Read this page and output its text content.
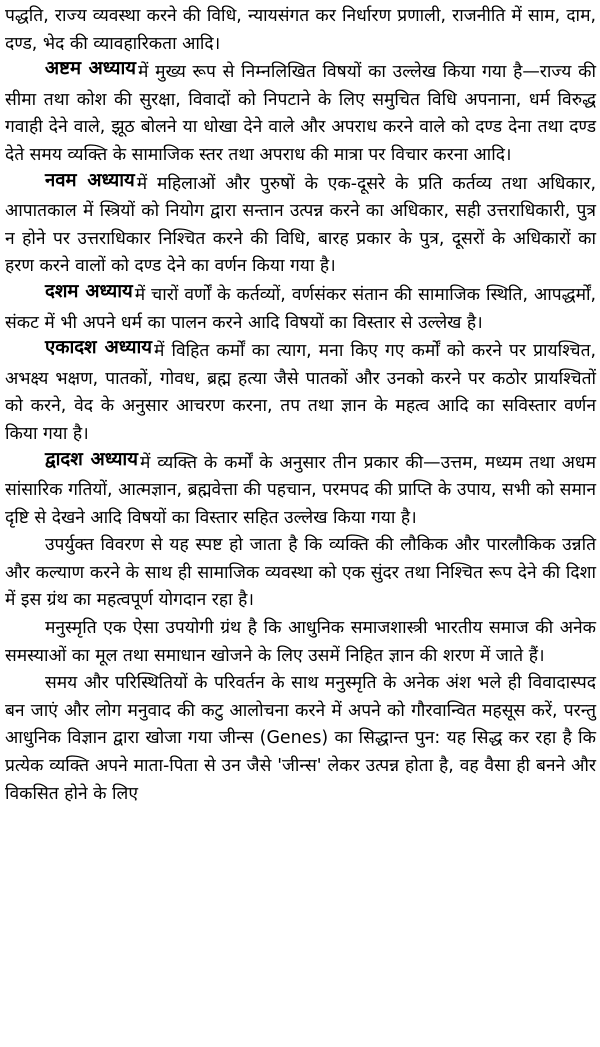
पद्धति, राज्य व्यवस्था करने की विधि, न्यायसंगत कर निर्धारण प्रणाली, राजनीति में साम, दाम, दण्ड, भेद की व्यावहारिकता आदि।

अष्टम अध्याय में मुख्य रूप से निम्नलिखित विषयों का उल्लेख किया गया है—राज्य की सीमा तथा कोश की सुरक्षा, विवादों को निपटाने के लिए समुचित विधि अपनाना, धर्म विरुद्ध गवाही देने वाले, झूठ बोलने या धोखा देने वाले और अपराध करने वाले को दण्ड देना तथा दण्ड देते समय व्यक्ति के सामाजिक स्तर तथा अपराध की मात्रा पर विचार करना आदि।

नवम अध्याय में महिलाओं और पुरुषों के एक-दूसरे के प्रति कर्तव्य तथा अधिकार, आपातकाल में स्त्रियों को नियोग द्वारा सन्तान उत्पन्न करने का अधिकार, सही उत्तराधिकारी, पुत्र न होने पर उत्तराधिकार निश्चित करने की विधि, बारह प्रकार के पुत्र, दूसरों के अधिकारों का हरण करने वालों को दण्ड देने का वर्णन किया गया है।

दशम अध्याय में चारों वर्णों के कर्तव्यों, वर्णसंकर संतान की सामाजिक स्थिति, आपद्धर्मों, संकट में भी अपने धर्म का पालन करने आदि विषयों का विस्तार से उल्लेख है।

एकादश अध्याय में विहित कर्मों का त्याग, मना किए गए कर्मों को करने पर प्रायश्चित, अभक्ष्य भक्षण, पातकों, गोवध, ब्रह्म हत्या जैसे पातकों और उनको करने पर कठोर प्रायश्चितों को करने, वेद के अनुसार आचरण करना, तप तथा ज्ञान के महत्व आदि का सविस्तार वर्णन किया गया है।

द्वादश अध्याय में व्यक्ति के कर्मों के अनुसार तीन प्रकार की—उत्तम, मध्यम तथा अधम सांसारिक गतियों, आत्मज्ञान, ब्रह्मवेत्ता की पहचान, परमपद की प्राप्ति के उपाय, सभी को समान दृष्टि से देखने आदि विषयों का विस्तार सहित उल्लेख किया गया है।

उपर्युक्त विवरण से यह स्पष्ट हो जाता है कि व्यक्ति की लौकिक और पारलौकिक उन्नति और कल्याण करने के साथ ही सामाजिक व्यवस्था को एक सुंदर तथा निश्चित रूप देने की दिशा में इस ग्रंथ का महत्वपूर्ण योगदान रहा है।

मनुस्मृति एक ऐसा उपयोगी ग्रंथ है कि आधुनिक समाजशास्त्री भारतीय समाज की अनेक समस्याओं का मूल तथा समाधान खोजने के लिए उसमें निहित ज्ञान की शरण में जाते हैं।

समय और परिस्थितियों के परिवर्तन के साथ मनुस्मृति के अनेक अंश भले ही विवादास्पद बन जाएं और लोग मनुवाद की कटु आलोचना करने में अपने को गौरवान्वित महसूस करें, परन्तु आधुनिक विज्ञान द्वारा खोजा गया जीन्स (Genes) का सिद्धान्त पुन: यह सिद्ध कर रहा है कि प्रत्येक व्यक्ति अपने माता-पिता से उन जैसे 'जीन्स' लेकर उत्पन्न होता है, वह वैसा ही बनने और विकसित होने के लिए
